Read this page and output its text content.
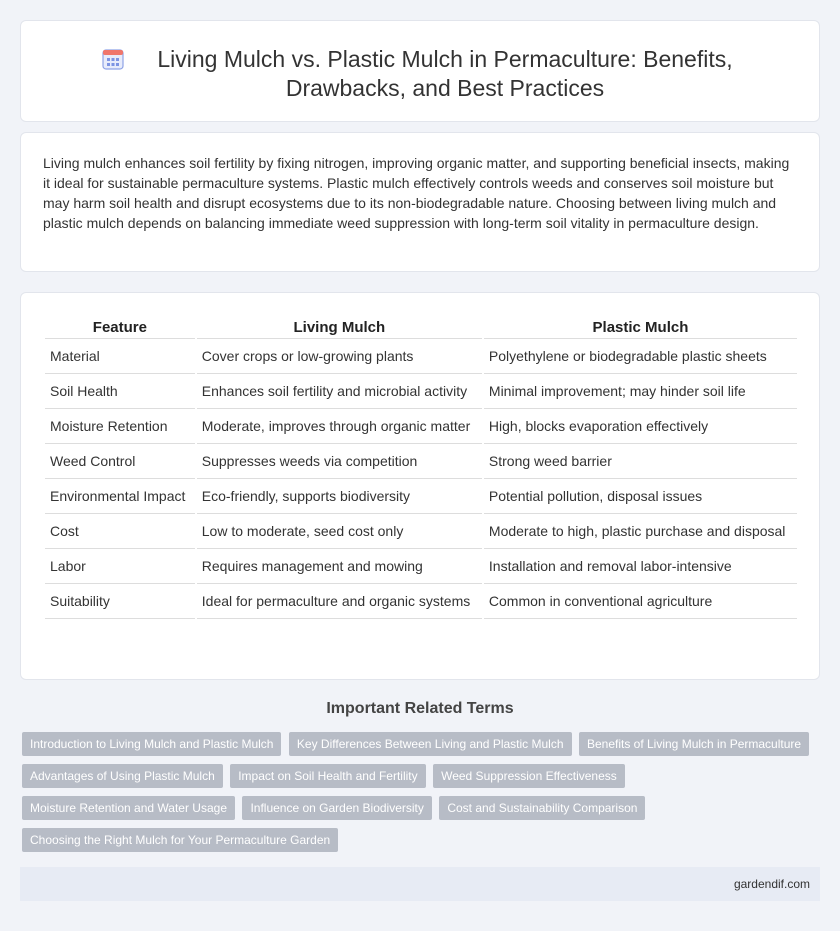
Living Mulch vs. Plastic Mulch in Permaculture: Benefits, Drawbacks, and Best Practices

Living mulch enhances soil fertility by fixing nitrogen, improving organic matter, and supporting beneficial insects, making it ideal for sustainable permaculture systems. Plastic mulch effectively controls weeds and conserves soil moisture but may harm soil health and disrupt ecosystems due to its non-biodegradable nature. Choosing between living mulch and plastic mulch depends on balancing immediate weed suppression with long-term soil vitality in permaculture design.

Feature	Living Mulch	Plastic Mulch
Material	Cover crops or low-growing plants	Polyethylene or biodegradable plastic sheets
Soil Health	Enhances soil fertility and microbial activity	Minimal improvement; may hinder soil life
Moisture Retention	Moderate, improves through organic matter	High, blocks evaporation effectively
Weed Control	Suppresses weeds via competition	Strong weed barrier
Environmental Impact	Eco-friendly, supports biodiversity	Potential pollution, disposal issues
Cost	Low to moderate, seed cost only	Moderate to high, plastic purchase and disposal
Labor	Requires management and mowing	Installation and removal labor-intensive
Suitability	Ideal for permaculture and organic systems	Common in conventional agriculture
Important Related Terms
Introduction to Living Mulch and Plastic Mulch Key Differences Between Living and Plastic Mulch Benefits of Living Mulch in Permaculture Advantages of Using Plastic Mulch Impact on Soil Health and Fertility Weed Suppression Effectiveness Moisture Retention and Water Usage Influence on Garden Biodiversity Cost and Sustainability Comparison Choosing the Right Mulch for Your Permaculture Garden
gardendif.com
